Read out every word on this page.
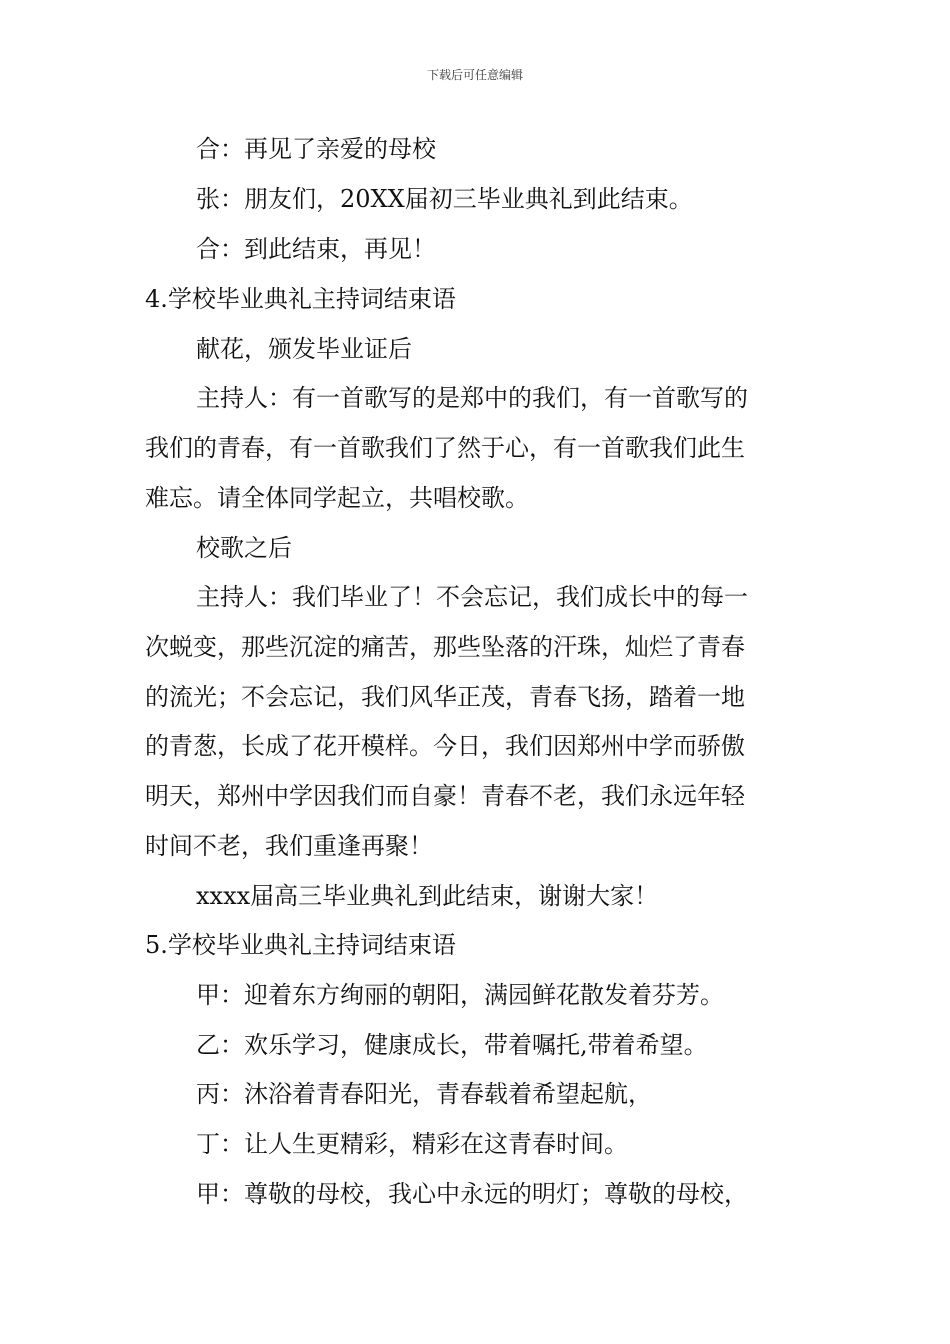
下载后可任意编辑
合：再见了亲爱的母校
张：朋友们，20XX届初三毕业典礼到此结束。
合：到此结束，再见！
4.学校毕业典礼主持词结束语
献花，颁发毕业证后
主持人：有一首歌写的是郑中的我们，有一首歌写的
我们的青春，有一首歌我们了然于心，有一首歌我们此生
难忘。请全体同学起立，共唱校歌。
校歌之后
主持人：我们毕业了！不会忘记，我们成长中的每一
次蜕变，那些沉淀的痛苦，那些坠落的汗珠，灿烂了青春
的流光；不会忘记，我们风华正茂，青春飞扬，踏着一地
的青葱，长成了花开模样。今日，我们因郑州中学而骄傲
明天，郑州中学因我们而自豪！青春不老，我们永远年轻
时间不老，我们重逢再聚！
xxxx届高三毕业典礼到此结束，谢谢大家！
5.学校毕业典礼主持词结束语
甲：迎着东方绚丽的朝阳，满园鲜花散发着芬芳。
乙：欢乐学习，健康成长，带着嘱托,带着希望。
丙：沐浴着青春阳光，青春载着希望起航，
丁：让人生更精彩，精彩在这青春时间。
甲：尊敬的母校，我心中永远的明灯；尊敬的母校，
